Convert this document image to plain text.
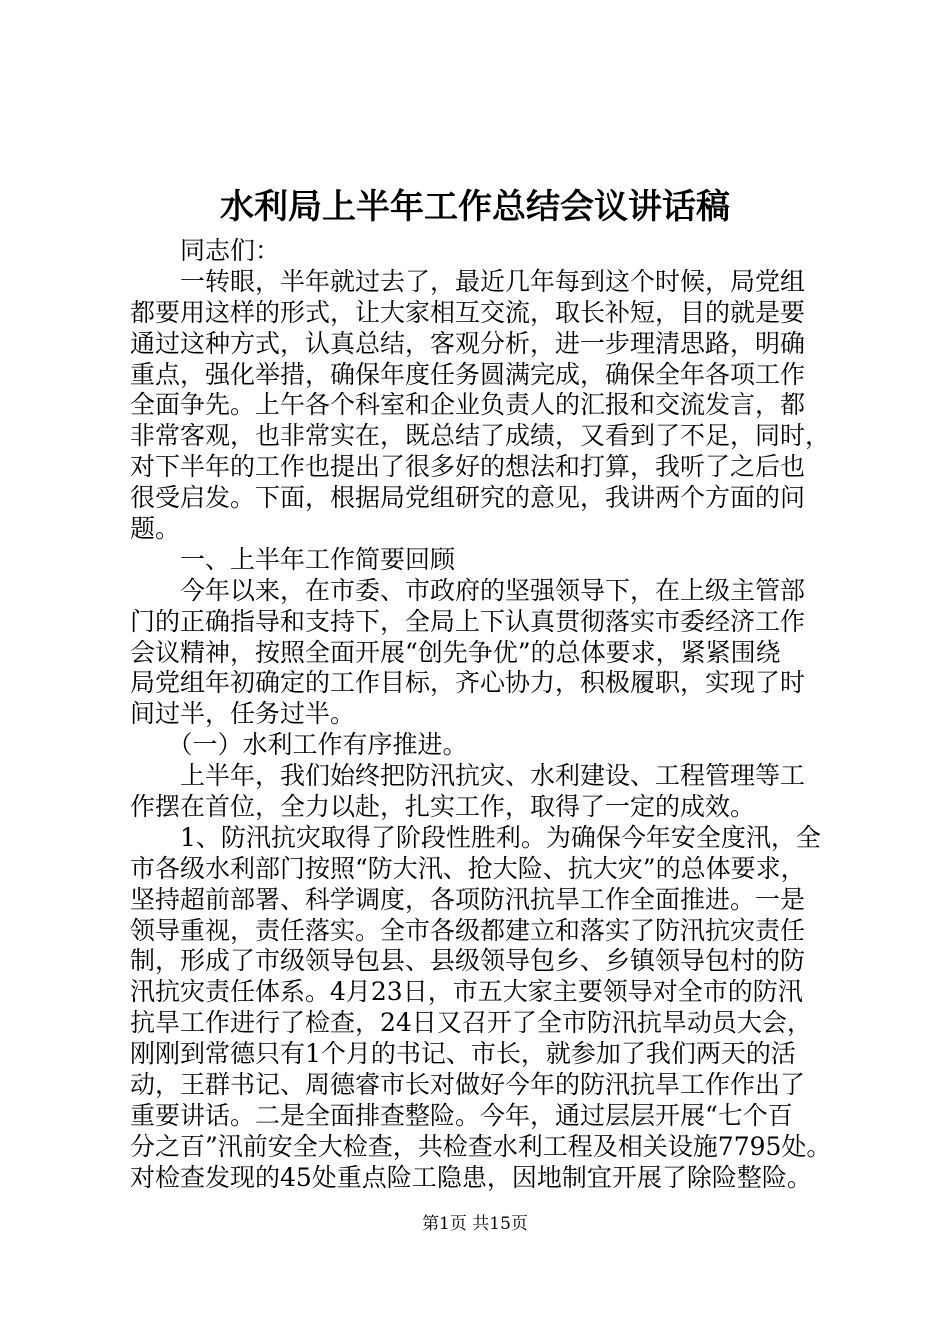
水利局上半年工作总结会议讲话稿
　　同志们：
　　一转眼，半年就过去了，最近几年每到这个时候，局党组
都要用这样的形式，让大家相互交流，取长补短，目的就是要
通过这种方式，认真总结，客观分析，进一步理清思路，明确
重点，强化举措，确保年度任务圆满完成，确保全年各项工作
全面争先。上午各个科室和企业负责人的汇报和交流发言，都
非常客观，也非常实在，既总结了成绩，又看到了不足，同时，
对下半年的工作也提出了很多好的想法和打算，我听了之后也
很受启发。下面，根据局党组研究的意见，我讲两个方面的问
题。
　　一、上半年工作简要回顾
　　今年以来，在市委、市政府的坚强领导下，在上级主管部
门的正确指导和支持下，全局上下认真贯彻落实市委经济工作
会议精神，按照全面开展“创先争优”的总体要求，紧紧围绕
局党组年初确定的工作目标，齐心协力，积极履职，实现了时
间过半，任务过半。
　　（一）水利工作有序推进。
　　上半年，我们始终把防汛抗灾、水利建设、工程管理等工
作摆在首位，全力以赴，扎实工作，取得了一定的成效。
　　1、防汛抗灾取得了阶段性胜利。为确保今年安全度汛，全
市各级水利部门按照“防大汛、抢大险、抗大灾”的总体要求，
坚持超前部署、科学调度，各项防汛抗旱工作全面推进。一是
领导重视，责任落实。全市各级都建立和落实了防汛抗灾责任
制，形成了市级领导包县、县级领导包乡、乡镇领导包村的防
汛抗灾责任体系。4月23日，市五大家主要领导对全市的防汛
抗旱工作进行了检查，24日又召开了全市防汛抗旱动员大会，
刚刚到常德只有1个月的书记、市长，就参加了我们两天的活
动，王群书记、周德睿市长对做好今年的防汛抗旱工作作出了
重要讲话。二是全面排查整险。今年，通过层层开展“七个百
分之百”汛前安全大检查，共检查水利工程及相关设施7795处。
对检查发现的45处重点险工隐患，因地制宜开展了除险整险。
第1页 共15页
